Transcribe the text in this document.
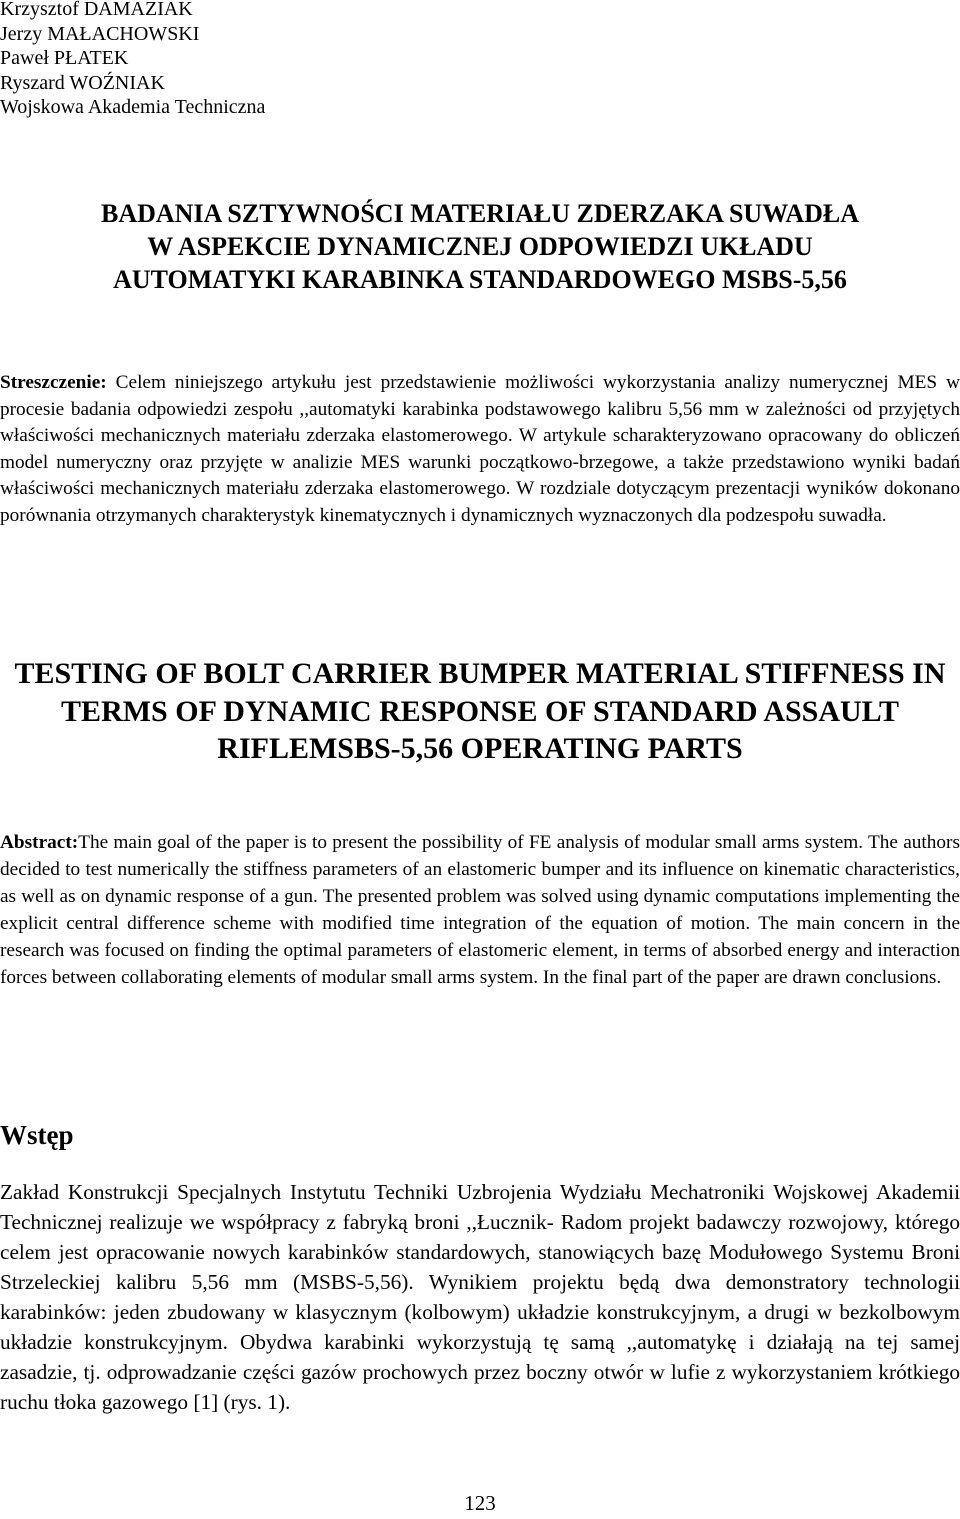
Krzysztof DAMAZIAK
Jerzy MAŁACHOWSKI
Paweł PŁATEK
Ryszard WOŹNIAK
Wojskowa Akademia Techniczna
BADANIA SZTYWNOŚCI MATERIAŁU ZDERZAKA SUWADŁA
W ASPEKCIE DYNAMICZNEJ ODPOWIEDZI UKŁADU
AUTOMATYKI KARABINKA STANDARDOWEGO MSBS-5,56

Streszczenie: Celem niniejszego artykułu jest przedstawienie możliwości wykorzystania analizy numerycznej MES w procesie badania odpowiedzi zespołu ,,automatyki karabinka podstawowego kalibru 5,56 mm w zależności od przyjętych właściwości mechanicznych materiału zderzaka elastomerowego. W artykule scharakteryzowano opracowany do obliczeń model numeryczny oraz przyjęte w analizie MES warunki początkowo-brzegowe, a także przedstawiono wyniki badań właściwości mechanicznych materiału zderzaka elastomerowego. W rozdziale dotyczącym prezentacji wyników dokonano porównania otrzymanych charakterystyk kinematycznych i dynamicznych wyznaczonych dla podzespołu suwadła.

TESTING OF BOLT CARRIER BUMPER MATERIAL STIFFNESS IN
TERMS OF DYNAMIC RESPONSE OF STANDARD ASSAULT
RIFLEMSBS-5,56 OPERATING PARTS

Abstract:The main goal of the paper is to present the possibility of FE analysis of modular small arms system. The authors decided to test numerically the stiffness parameters of an elastomeric bumper and its influence on kinematic characteristics, as well as on dynamic response of a gun. The presented problem was solved using dynamic computations implementing the explicit central difference scheme with modified time integration of the equation of motion. The main concern in the research was focused on finding the optimal parameters of elastomeric element, in terms of absorbed energy and interaction forces between collaborating elements of modular small arms system. In the final part of the paper are drawn conclusions.

Wstęp

Zakład Konstrukcji Specjalnych Instytutu Techniki Uzbrojenia Wydziału Mechatroniki Wojskowej Akademii Technicznej realizuje we współpracy z fabryką broni ,,Łucznik- Radom projekt badawczy rozwojowy, którego celem jest opracowanie nowych karabinków standardowych, stanowiących bazę Modułowego Systemu Broni Strzeleckiej kalibru 5,56 mm (MSBS-5,56). Wynikiem projektu będą dwa demonstratory technologii karabinków: jeden zbudowany w klasycznym (kolbowym) układzie konstrukcyjnym, a drugi w bezkolbowym układzie konstrukcyjnym. Obydwa karabinki wykorzystują tę samą ,,automatykę i działają na tej samej zasadzie, tj. odprowadzanie części gazów prochowych przez boczny otwór w lufie z wykorzystaniem krótkiego ruchu tłoka gazowego [1] (rys. 1).

123
